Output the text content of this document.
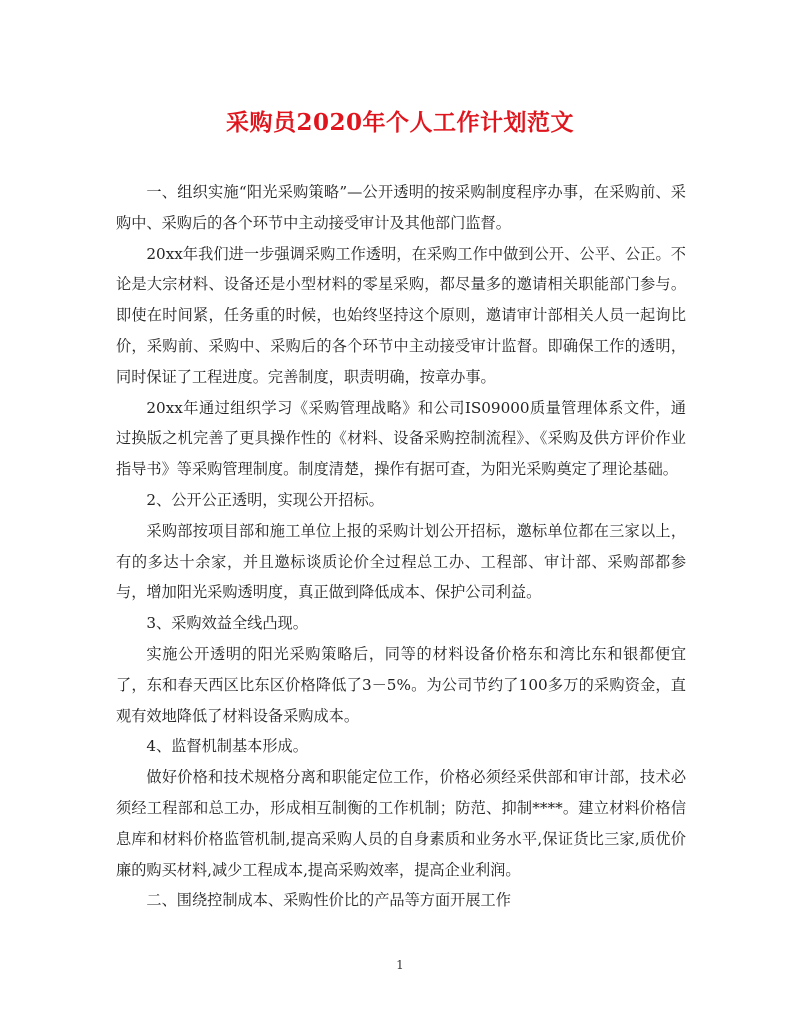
采购员2020年个人工作计划范文

一、组织实施“阳光采购策略”—公开透明的按采购制度程序办事，在采购前、采购中、采购后的各个环节中主动接受审计及其他部门监督。

20xx年我们进一步强调采购工作透明，在采购工作中做到公开、公平、公正。不论是大宗材料、设备还是小型材料的零星采购，都尽量多的邀请相关职能部门参与。即使在时间紧，任务重的时候，也始终坚持这个原则，邀请审计部相关人员一起询比价，采购前、采购中、采购后的各个环节中主动接受审计监督。即确保工作的透明，同时保证了工程进度。完善制度，职责明确，按章办事。

20xx年通过组织学习《采购管理战略》和公司IS09000质量管理体系文件，通过换版之机完善了更具操作性的《材料、设备采购控制流程》、《采购及供方评价作业指导书》等采购管理制度。制度清楚，操作有据可查，为阳光采购奠定了理论基础。

2、公开公正透明，实现公开招标。

采购部按项目部和施工单位上报的采购计划公开招标，邀标单位都在三家以上，有的多达十余家，并且邀标谈质论价全过程总工办、工程部、审计部、采购部都参与，增加阳光采购透明度，真正做到降低成本、保护公司利益。

3、采购效益全线凸现。

实施公开透明的阳光采购策略后，同等的材料设备价格东和湾比东和银都便宜了，东和春天西区比东区价格降低了3－5%。为公司节约了100多万的采购资金，直观有效地降低了材料设备采购成本。

4、监督机制基本形成。

做好价格和技术规格分离和职能定位工作，价格必须经采供部和审计部，技术必须经工程部和总工办，形成相互制衡的工作机制；防范、抑制****。建立材料价格信息库和材料价格监管机制,提高采购人员的自身素质和业务水平,保证货比三家,质优价廉的购买材料,减少工程成本,提高采购效率，提高企业利润。

二、围绕控制成本、采购性价比的产品等方面开展工作

1
